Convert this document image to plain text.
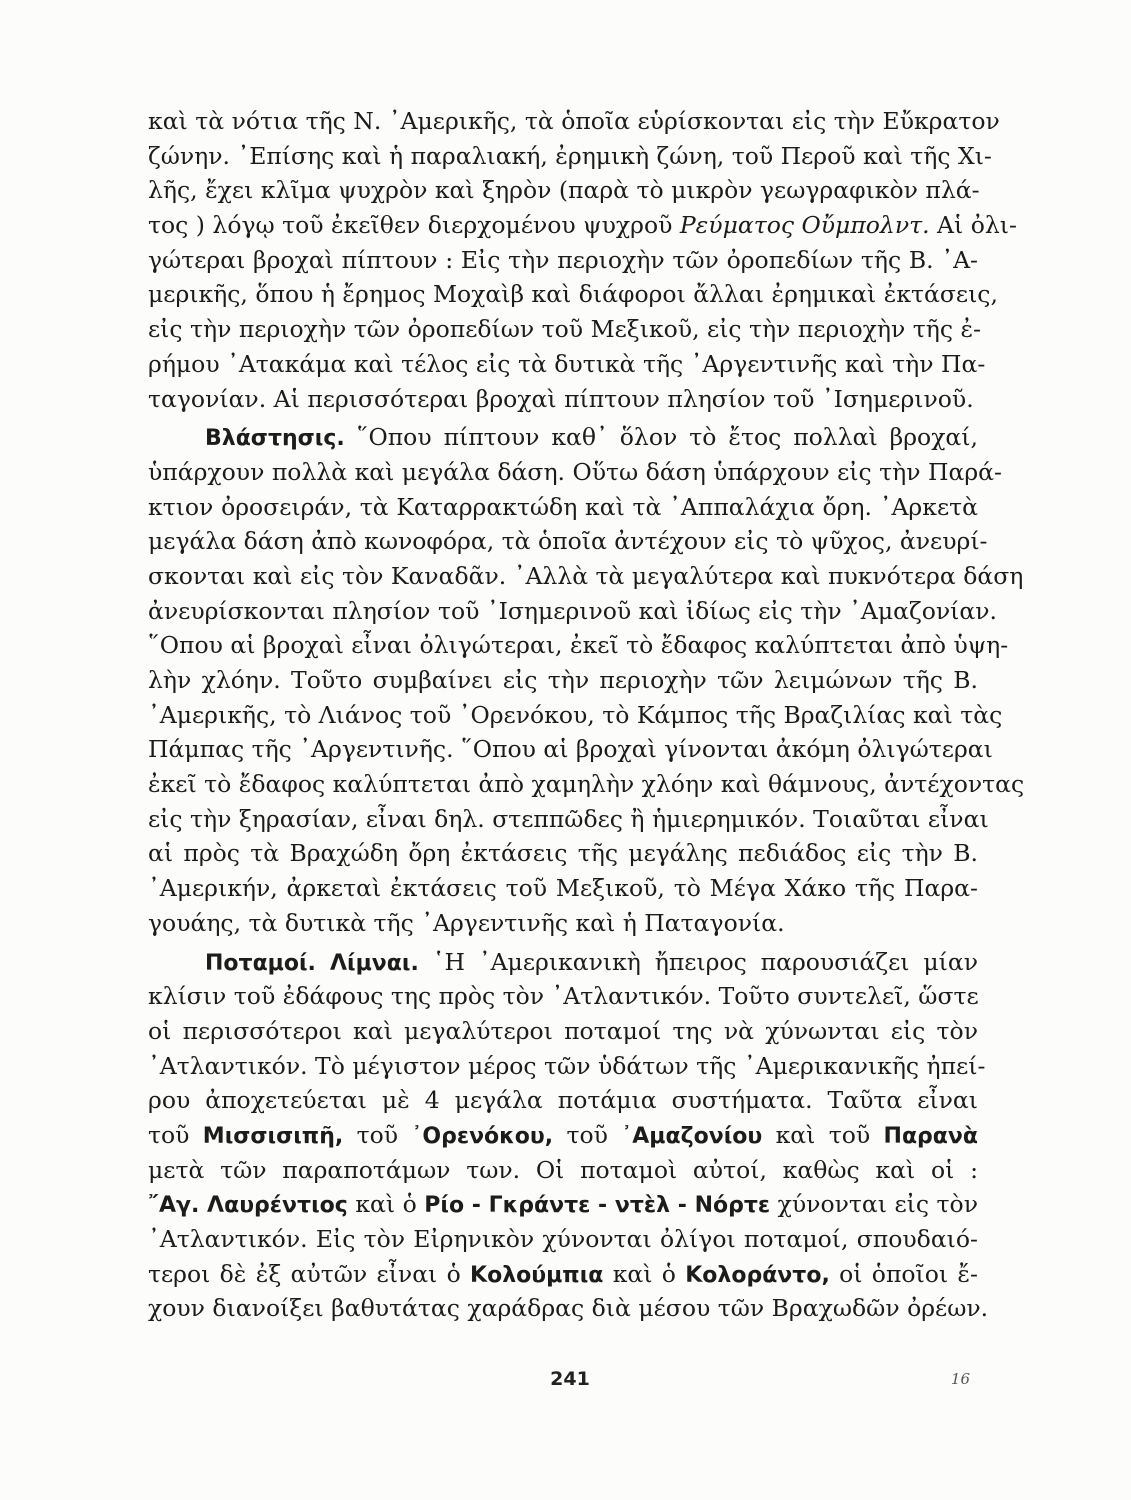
καὶ τὰ νότια τῆς Ν. ᾿Αμερικῆς, τὰ ὁποῖα εὑρίσκονται εἰς τὴν Εὔκρατον
ζώνην. ᾿Επίσης καὶ ἡ παραλιακή, ἐρημικὴ ζώνη, τοῦ Περοῦ καὶ τῆς Χι-
λῆς, ἔχει κλῖμα ψυχρὸν καὶ ξηρὸν (παρὰ τὸ μικρὸν γεωγραφικὸν πλά-
τος ) λόγῳ τοῦ ἐκεῖθεν διερχομένου ψυχροῦ Ρεύματος Οὔμπολντ. Αἱ ὀλι-
γώτεραι βροχαὶ πίπτουν : Εἰς τὴν περιοχὴν τῶν ὀροπεδίων τῆς Β. ᾿Α-
μερικῆς, ὅπου ἡ ἔρημος Μοχαὶβ καὶ διάφοροι ἄλλαι ἐρημικαὶ ἐκτάσεις,
εἰς τὴν περιοχὴν τῶν ὀροπεδίων τοῦ Μεξικοῦ, εἰς τὴν περιοχὴν τῆς ἐ-
ρήμου ᾿Ατακάμα καὶ τέλος εἰς τὰ δυτικὰ τῆς ᾿Αργεντινῆς καὶ τὴν Πα-
ταγονίαν. Αἱ περισσότεραι βροχαὶ πίπτουν πλησίον τοῦ ᾿Ισημερινοῦ.
Βλάστησις. ῞Οπου πίπτουν καθ᾿ ὅλον τὸ ἔτος πολλαὶ βροχαί,
ὑπάρχουν πολλὰ καὶ μεγάλα δάση. Οὕτω δάση ὑπάρχουν εἰς τὴν Παρά-
κτιον ὀροσειράν, τὰ Καταρρακτώδη καὶ τὰ ᾿Αππαλάχια ὄρη. ᾿Αρκετὰ
μεγάλα δάση ἀπὸ κωνοφόρα, τὰ ὁποῖα ἀντέχουν εἰς τὸ ψῦχος, ἀνευρί-
σκονται καὶ εἰς τὸν Καναδᾶν. ᾿Αλλὰ τὰ μεγαλύτερα καὶ πυκνότερα δάση
ἀνευρίσκονται πλησίον τοῦ ᾿Ισημερινοῦ καὶ ἰδίως εἰς τὴν ᾿Αμαζονίαν.
῞Οπου αἱ βροχαὶ εἶναι ὀλιγώτεραι, ἐκεῖ τὸ ἔδαφος καλύπτεται ἀπὸ ὑψη-
λὴν χλόην. Τοῦτο συμβαίνει εἰς τὴν περιοχὴν τῶν λειμώνων τῆς Β.
᾿Αμερικῆς, τὸ Λιάνος τοῦ ᾿Ορενόκου, τὸ Κάμπος τῆς Βραζιλίας καὶ τὰς
Πάμπας τῆς ᾿Αργεντινῆς. ῞Οπου αἱ βροχαὶ γίνονται ἀκόμη ὀλιγώτεραι
ἐκεῖ τὸ ἔδαφος καλύπτεται ἀπὸ χαμηλὴν χλόην καὶ θάμνους, ἀντέχοντας
εἰς τὴν ξηρασίαν, εἶναι δηλ. στεππῶδες ἢ ἡμιερημικόν. Τοιαῦται εἶναι
αἱ πρὸς τὰ Βραχώδη ὄρη ἐκτάσεις τῆς μεγάλης πεδιάδος εἰς τὴν Β.
᾿Αμερικήν, ἀρκεταὶ ἐκτάσεις τοῦ Μεξικοῦ, τὸ Μέγα Χάκο τῆς Παρα-
γουάης, τὰ δυτικὰ τῆς ᾿Αργεντινῆς καὶ ἡ Παταγονία.
Ποταμοί. Λίμναι. ῾Η ᾿Αμερικανικὴ ἤπειρος παρουσιάζει μίαν
κλίσιν τοῦ ἐδάφους της πρὸς τὸν ᾿Ατλαντικόν. Τοῦτο συντελεῖ, ὥστε
οἱ περισσότεροι καὶ μεγαλύτεροι ποταμοί της νὰ χύνωνται εἰς τὸν
᾿Ατλαντικόν. Τὸ μέγιστον μέρος τῶν ὑδάτων τῆς ᾿Αμερικανικῆς ἠπεί-
ρου ἀποχετεύεται μὲ 4 μεγάλα ποτάμια συστήματα. Ταῦτα εἶναι
τοῦ Μισσισιπῆ, τοῦ ᾿Ορενόκου, τοῦ ᾿Αμαζονίου καὶ τοῦ Παρανὰ
μετὰ τῶν παραποτάμων των. Οἱ ποταμοὶ αὐτοί, καθὼς καὶ οἱ :
῎Αγ. Λαυρέντιος καὶ ὁ Ρίο - Γκράντε - ντὲλ - Νόρτε χύνονται εἰς τὸν
᾿Ατλαντικόν. Εἰς τὸν Εἰρηνικὸν χύνονται ὀλίγοι ποταμοί, σπουδαιό-
τεροι δὲ ἐξ αὐτῶν εἶναι ὁ Κολούμπια καὶ ὁ Κολοράντο, οἱ ὁποῖοι ἔ-
χουν διανοίξει βαθυτάτας χαράδρας διὰ μέσου τῶν Βραχωδῶν ὀρέων.
241	16
